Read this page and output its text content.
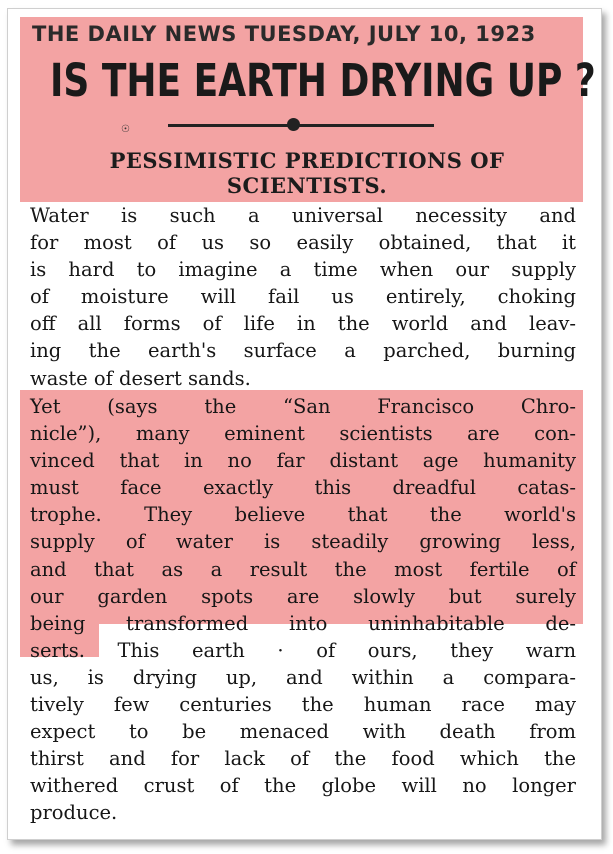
THE DAILY NEWS TUESDAY, JULY 10, 1923
IS THE EARTH DRYING UP ?
☉
PESSIMISTIC PREDICTIONS OF
SCIENTISTS.
Water is such a universal necessity and
for most of us so easily obtained, that it
is hard to imagine a time when our supply
of moisture will fail us entirely, choking
off all forms of life in the world and leav-
ing the earth's surface a parched, burning
waste of desert sands.
Yet (says the “San Francisco Chro-
nicle”), many eminent scientists are con-
vinced that in no far distant age humanity
must face exactly this dreadful catas-
trophe. They believe that the world's
supply of water is steadily growing less,
and that as a result the most fertile of
our garden spots are slowly but surely
being transformed into uninhabitable de-
serts. This earth · of ours, they warn
us, is drying up, and within a compara-
tively few centuries the human race may
expect to be menaced with death from
thirst and for lack of the food which the
withered crust of the globe will no longer
produce.
